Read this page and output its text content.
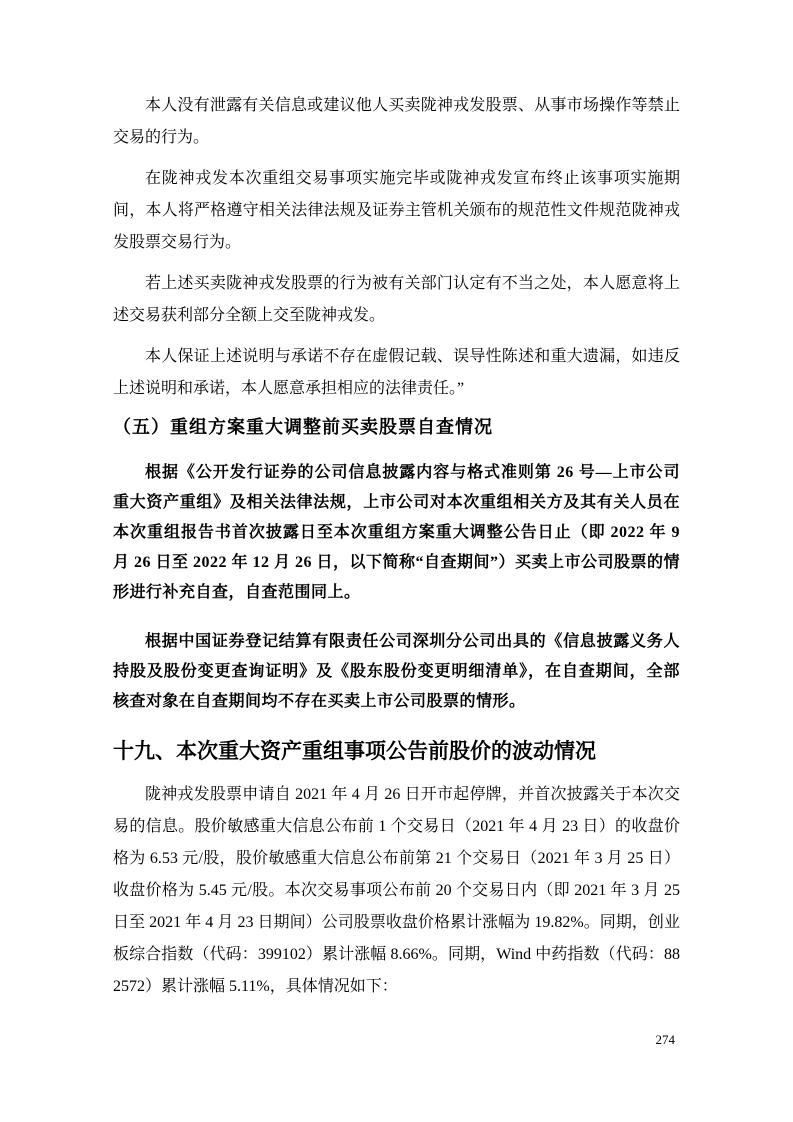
本人没有泄露有关信息或建议他人买卖陇神戎发股票、从事市场操作等禁止交易的行为。

在陇神戎发本次重组交易事项实施完毕或陇神戎发宣布终止该事项实施期间，本人将严格遵守相关法律法规及证券主管机关颁布的规范性文件规范陇神戎发股票交易行为。

若上述买卖陇神戎发股票的行为被有关部门认定有不当之处，本人愿意将上述交易获利部分全额上交至陇神戎发。

本人保证上述说明与承诺不存在虚假记载、误导性陈述和重大遗漏，如违反上述说明和承诺，本人愿意承担相应的法律责任。”

（五）重组方案重大调整前买卖股票自查情况

根据《公开发行证券的公司信息披露内容与格式准则第 26 号—上市公司重大资产重组》及相关法律法规，上市公司对本次重组相关方及其有关人员在本次重组报告书首次披露日至本次重组方案重大调整公告日止（即 2022 年 9 月 26 日至 2022 年 12 月 26 日，以下简称“自查期间”）买卖上市公司股票的情形进行补充自查，自查范围同上。

根据中国证券登记结算有限责任公司深圳分公司出具的《信息披露义务人持股及股份变更查询证明》及《股东股份变更明细清单》，在自查期间，全部核查对象在自查期间均不存在买卖上市公司股票的情形。

十九、本次重大资产重组事项公告前股价的波动情况

陇神戎发股票申请自 2021 年 4 月 26 日开市起停牌，并首次披露关于本次交易的信息。股价敏感重大信息公布前 1 个交易日（2021 年 4 月 23 日）的收盘价格为 6.53 元/股，股价敏感重大信息公布前第 21 个交易日（2021 年 3 月 25 日）收盘价格为 5.45 元/股。本次交易事项公布前 20 个交易日内（即 2021 年 3 月 25 日至 2021 年 4 月 23 日期间）公司股票收盘价格累计涨幅为 19.82%。同期，创业板综合指数（代码：399102）累计涨幅 8.66%。同期，Wind 中药指数（代码：882572）累计涨幅 5.11%，具体情况如下：

274
